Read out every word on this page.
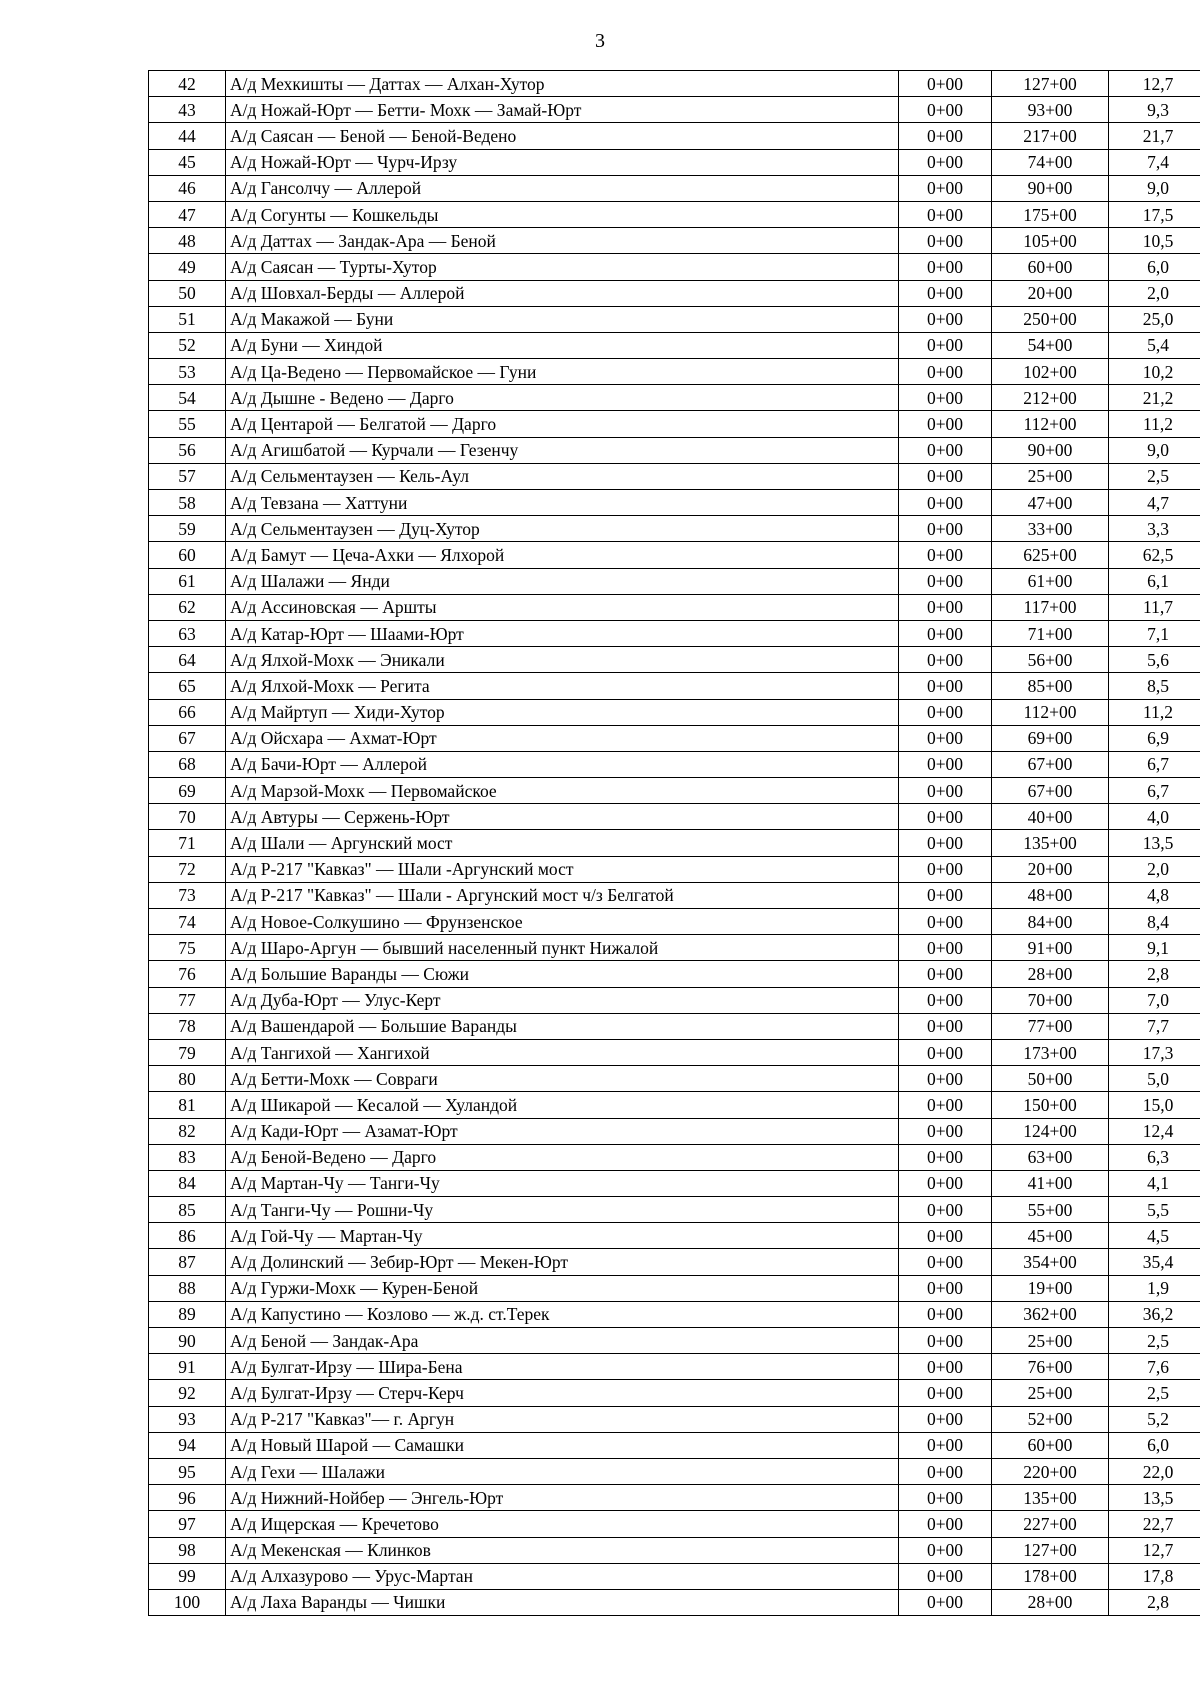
3
42	А/д Мехкишты — Даттах — Алхан-Хутор	0+00	127+00	12,7
43	А/д Ножай-Юрт — Бетти- Мохк — Замай-Юрт	0+00	93+00	9,3
44	А/д Саясан — Беной — Беной-Ведено	0+00	217+00	21,7
45	А/д Ножай-Юрт — Чурч-Ирзу	0+00	74+00	7,4
46	А/д Гансолчу — Аллерой	0+00	90+00	9,0
47	А/д Согунты — Кошкельды	0+00	175+00	17,5
48	А/д Даттах — Зандак-Ара — Беной	0+00	105+00	10,5
49	А/д Саясан — Турты-Хутор	0+00	60+00	6,0
50	А/д Шовхал-Берды — Аллерой	0+00	20+00	2,0
51	А/д Макажой — Буни	0+00	250+00	25,0
52	А/д Буни — Хиндой	0+00	54+00	5,4
53	А/д Ца-Ведено — Первомайское — Гуни	0+00	102+00	10,2
54	А/д Дышне - Ведено — Дарго	0+00	212+00	21,2
55	А/д Центарой — Белгатой — Дарго	0+00	112+00	11,2
56	А/д Агишбатой — Курчали — Гезенчу	0+00	90+00	9,0
57	А/д Сельментаузен — Кель-Аул	0+00	25+00	2,5
58	А/д Тевзана — Хаттуни	0+00	47+00	4,7
59	А/д Сельментаузен — Дуц-Хутор	0+00	33+00	3,3
60	А/д Бамут — Цеча-Ахки — Ялхорой	0+00	625+00	62,5
61	А/д Шалажи — Янди	0+00	61+00	6,1
62	А/д Ассиновская — Аршты	0+00	117+00	11,7
63	А/д Катар-Юрт — Шаами-Юрт	0+00	71+00	7,1
64	А/д Ялхой-Мохк — Эникали	0+00	56+00	5,6
65	А/д Ялхой-Мохк — Регита	0+00	85+00	8,5
66	А/д Майртуп — Хиди-Хутор	0+00	112+00	11,2
67	А/д Ойсхара — Ахмат-Юрт	0+00	69+00	6,9
68	А/д Бачи-Юрт — Аллерой	0+00	67+00	6,7
69	А/д Марзой-Мохк — Первомайское	0+00	67+00	6,7
70	А/д Автуры — Сержень-Юрт	0+00	40+00	4,0
71	А/д Шали — Аргунский мост	0+00	135+00	13,5
72	А/д Р-217 "Кавказ" — Шали -Аргунский мост	0+00	20+00	2,0
73	А/д Р-217 "Кавказ" — Шали - Аргунский мост ч/з Белгатой	0+00	48+00	4,8
74	А/д Новое-Солкушино — Фрунзенское	0+00	84+00	8,4
75	А/д Шаро-Аргун — бывший населенный пункт Нижалой	0+00	91+00	9,1
76	А/д Большие Варанды — Сюжи	0+00	28+00	2,8
77	А/д Дуба-Юрт — Улус-Керт	0+00	70+00	7,0
78	А/д Вашендарой — Большие Варанды	0+00	77+00	7,7
79	А/д Тангихой — Хангихой	0+00	173+00	17,3
80	А/д Бетти-Мохк — Совраги	0+00	50+00	5,0
81	А/д Шикарой — Кесалой — Хуландой	0+00	150+00	15,0
82	А/д Кади-Юрт — Азамат-Юрт	0+00	124+00	12,4
83	А/д Беной-Ведено — Дарго	0+00	63+00	6,3
84	А/д Мартан-Чу — Танги-Чу	0+00	41+00	4,1
85	А/д Танги-Чу — Рошни-Чу	0+00	55+00	5,5
86	А/д Гой-Чу — Мартан-Чу	0+00	45+00	4,5
87	А/д Долинский — Зебир-Юрт — Мекен-Юрт	0+00	354+00	35,4
88	А/д Гуржи-Мохк — Курен-Беной	0+00	19+00	1,9
89	А/д Капустино — Козлово — ж.д. ст.Терек	0+00	362+00	36,2
90	А/д Беной — Зандак-Ара	0+00	25+00	2,5
91	А/д Булгат-Ирзу — Шира-Бена	0+00	76+00	7,6
92	А/д Булгат-Ирзу — Стерч-Керч	0+00	25+00	2,5
93	А/д Р-217 "Кавказ"— г. Аргун	0+00	52+00	5,2
94	А/д Новый Шарой — Самашки	0+00	60+00	6,0
95	А/д Гехи — Шалажи	0+00	220+00	22,0
96	А/д Нижний-Нойбер — Энгель-Юрт	0+00	135+00	13,5
97	А/д Ищерская — Кречетово	0+00	227+00	22,7
98	А/д Мекенская — Клинков	0+00	127+00	12,7
99	А/д Алхазурово — Урус-Мартан	0+00	178+00	17,8
100	А/д Лаха Варанды — Чишки	0+00	28+00	2,8
